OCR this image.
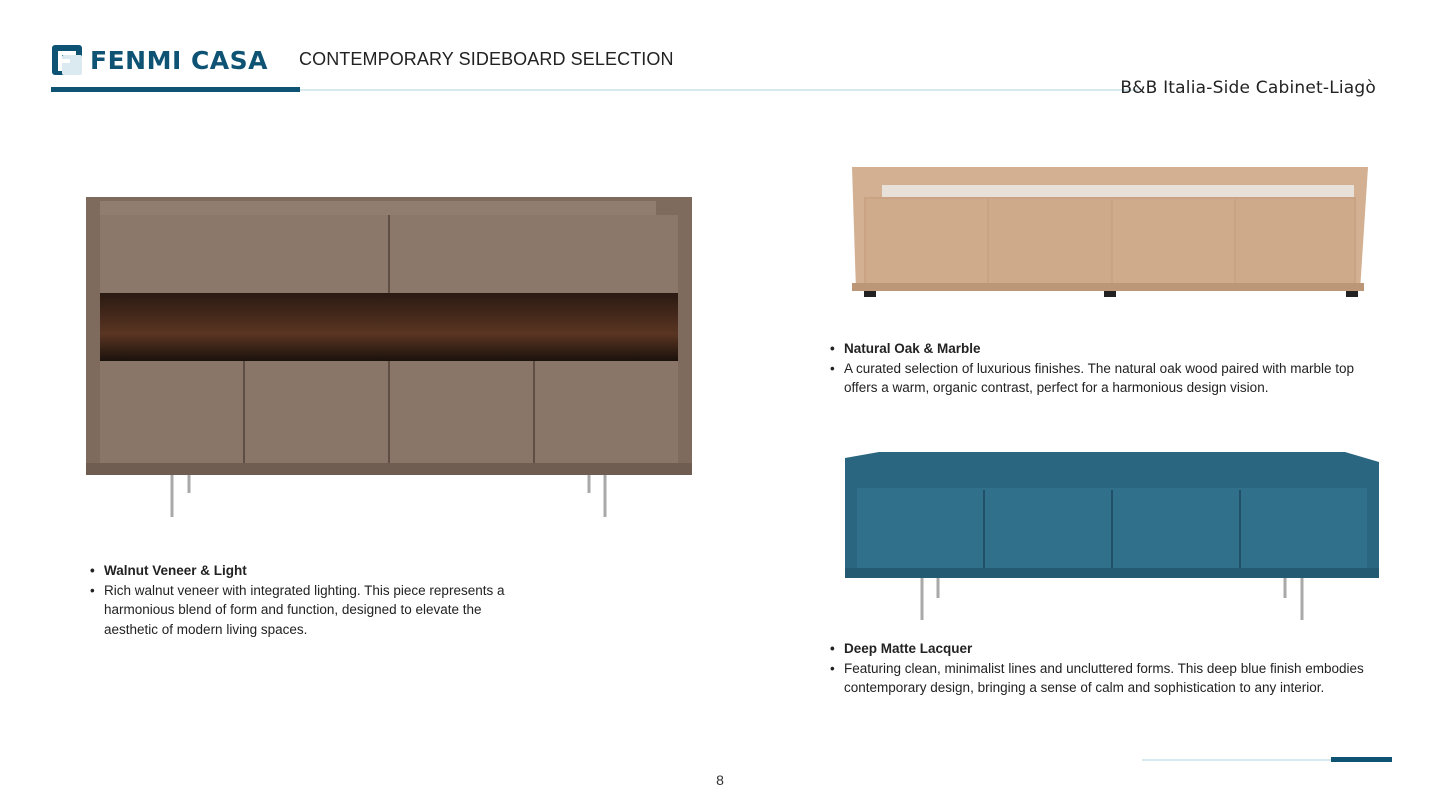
FENMI CASA CONTEMPORARY SIDEBOARD SELECTION
B&B Italia-Side Cabinet-Liagò
• Walnut Veneer & Light
• Rich walnut veneer with integrated lighting. This piece represents a harmonious blend of form and function, designed to elevate the aesthetic of modern living spaces.
• Natural Oak & Marble
• A curated selection of luxurious finishes. The natural oak wood paired with marble top offers a warm, organic contrast, perfect for a harmonious design vision.
• Deep Matte Lacquer
• Featuring clean, minimalist lines and uncluttered forms. This deep blue finish embodies contemporary design, bringing a sense of calm and sophistication to any interior.
8
